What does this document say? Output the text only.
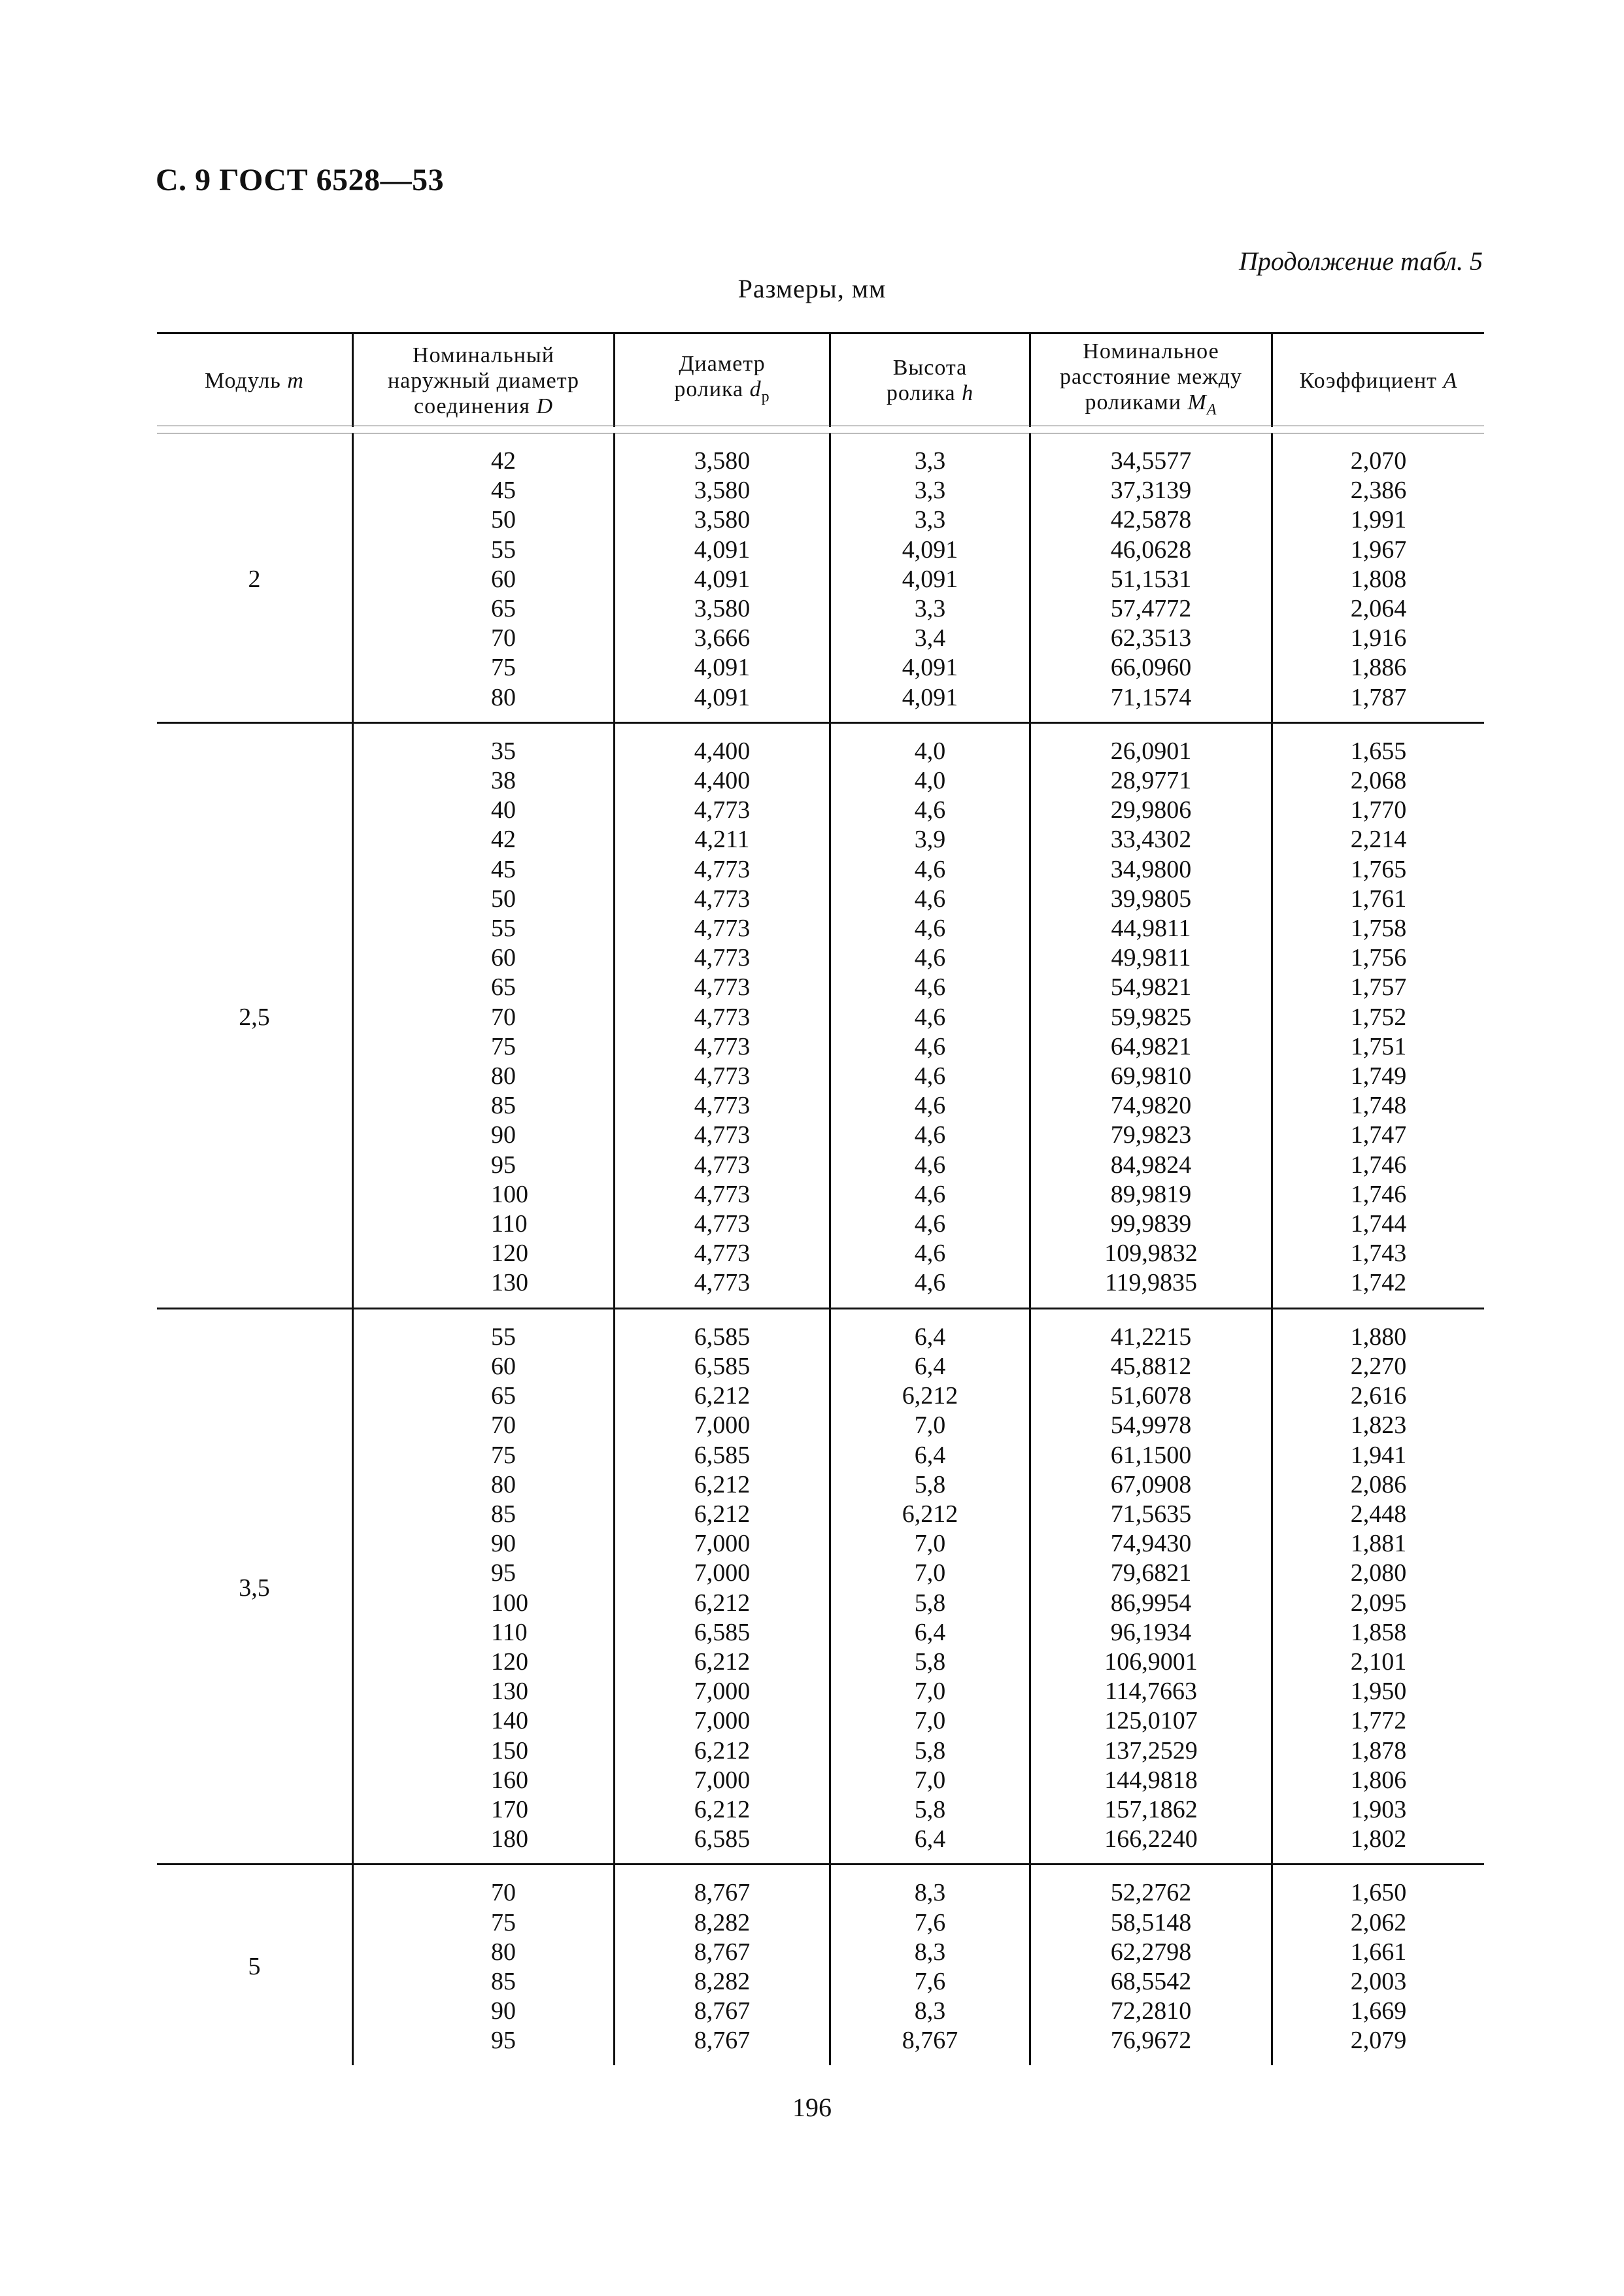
С. 9 ГОСТ 6528—53
Продолжение табл. 5
Размеры, мм
Модуль m
Номинальный
наружный диаметр
соединения D
Диаметр
ролика $d_р$
Высота
ролика h
Номинальное
расстояние между
роликами $M_A$
Коэффициент A
2
42
45
50
55
60
65
70
75
80
3,580
3,580
3,580
4,091
4,091
3,580
3,666
4,091
4,091
3,3
3,3
3,3
4,091
4,091
3,3
3,4
4,091
4,091
34,5577
37,3139
42,5878
46,0628
51,1531
57,4772
62,3513
66,0960
71,1574
2,070
2,386
1,991
1,967
1,808
2,064
1,916
1,886
1,787
2,5
35
38
40
42
45
50
55
60
65
70
75
80
85
90
95
100
110
120
130
4,400
4,400
4,773
4,211
4,773
4,773
4,773
4,773
4,773
4,773
4,773
4,773
4,773
4,773
4,773
4,773
4,773
4,773
4,773
4,0
4,0
4,6
3,9
4,6
4,6
4,6
4,6
4,6
4,6
4,6
4,6
4,6
4,6
4,6
4,6
4,6
4,6
4,6
26,0901
28,9771
29,9806
33,4302
34,9800
39,9805
44,9811
49,9811
54,9821
59,9825
64,9821
69,9810
74,9820
79,9823
84,9824
89,9819
99,9839
109,9832
119,9835
1,655
2,068
1,770
2,214
1,765
1,761
1,758
1,756
1,757
1,752
1,751
1,749
1,748
1,747
1,746
1,746
1,744
1,743
1,742
3,5
55
60
65
70
75
80
85
90
95
100
110
120
130
140
150
160
170
180
6,585
6,585
6,212
7,000
6,585
6,212
6,212
7,000
7,000
6,212
6,585
6,212
7,000
7,000
6,212
7,000
6,212
6,585
6,4
6,4
6,212
7,0
6,4
5,8
6,212
7,0
7,0
5,8
6,4
5,8
7,0
7,0
5,8
7,0
5,8
6,4
41,2215
45,8812
51,6078
54,9978
61,1500
67,0908
71,5635
74,9430
79,6821
86,9954
96,1934
106,9001
114,7663
125,0107
137,2529
144,9818
157,1862
166,2240
1,880
2,270
2,616
1,823
1,941
2,086
2,448
1,881
2,080
2,095
1,858
2,101
1,950
1,772
1,878
1,806
1,903
1,802
5
70
75
80
85
90
95
8,767
8,282
8,767
8,282
8,767
8,767
8,3
7,6
8,3
7,6
8,3
8,767
52,2762
58,5148
62,2798
68,5542
72,2810
76,9672
1,650
2,062
1,661
2,003
1,669
2,079
196
